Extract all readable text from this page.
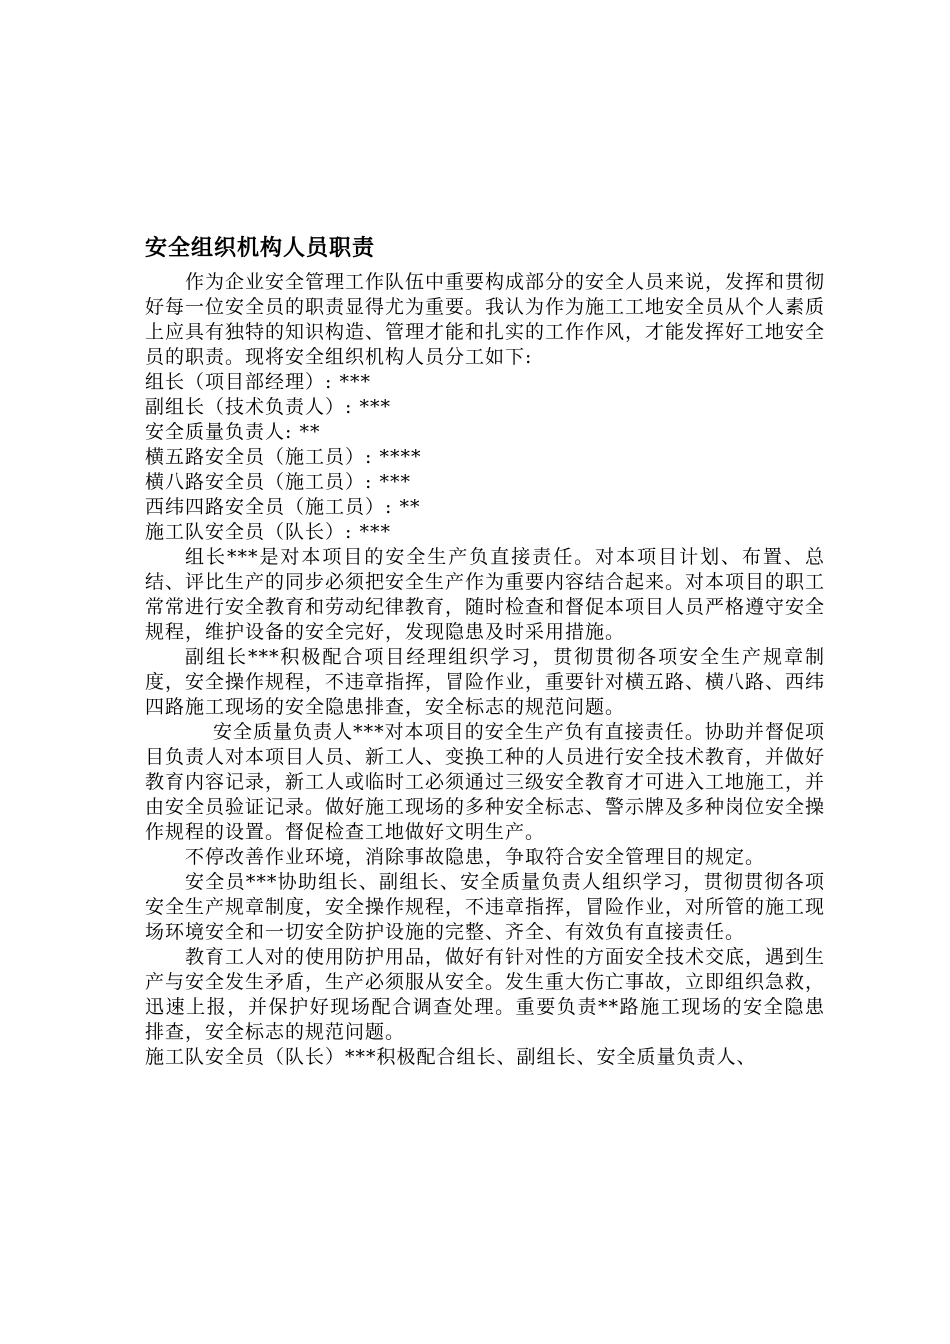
安全组织机构人员职责

作为企业安全管理工作队伍中重要构成部分的安全人员来说，发挥和贯彻好每一位安全员的职责显得尤为重要。我认为作为施工工地安全员从个人素质上应具有独特的知识构造、管理才能和扎实的工作作风，才能发挥好工地安全员的职责。现将安全组织机构人员分工如下:

组长（项目部经理）: ***
副组长（技术负责人）: ***
安全质量负责人: **
横五路安全员（施工员）: ****
横八路安全员（施工员）: ***
西纬四路安全员（施工员）: **
施工队安全员（队长）: ***

组长***是对本项目的安全生产负直接责任。对本项目计划、布置、总结、评比生产的同步必须把安全生产作为重要内容结合起来。对本项目的职工常常进行安全教育和劳动纪律教育，随时检查和督促本项目人员严格遵守安全规程，维护设备的安全完好，发现隐患及时采用措施。

副组长***积极配合项目经理组织学习，贯彻贯彻各项安全生产规章制度，安全操作规程，不违章指挥，冒险作业，重要针对横五路、横八路、西纬四路施工现场的安全隐患排查，安全标志的规范问题。

安全质量负责人***对本项目的安全生产负有直接责任。协助并督促项目负责人对本项目人员、新工人、变换工种的人员进行安全技术教育，并做好教育内容记录，新工人或临时工必须通过三级安全教育才可进入工地施工，并由安全员验证记录。做好施工现场的多种安全标志、警示牌及多种岗位安全操作规程的设置。督促检查工地做好文明生产。

不停改善作业环境，消除事故隐患，争取符合安全管理目的规定。

安全员***协助组长、副组长、安全质量负责人组织学习，贯彻贯彻各项安全生产规章制度，安全操作规程，不违章指挥，冒险作业，对所管的施工现场环境安全和一切安全防护设施的完整、齐全、有效负有直接责任。

教育工人对的使用防护用品，做好有针对性的方面安全技术交底，遇到生产与安全发生矛盾，生产必须服从安全。发生重大伤亡事故，立即组织急救，迅速上报，并保护好现场配合调查处理。重要负责**路施工现场的安全隐患排查，安全标志的规范问题。

施工队安全员（队长）***积极配合组长、副组长、安全质量负责人、
